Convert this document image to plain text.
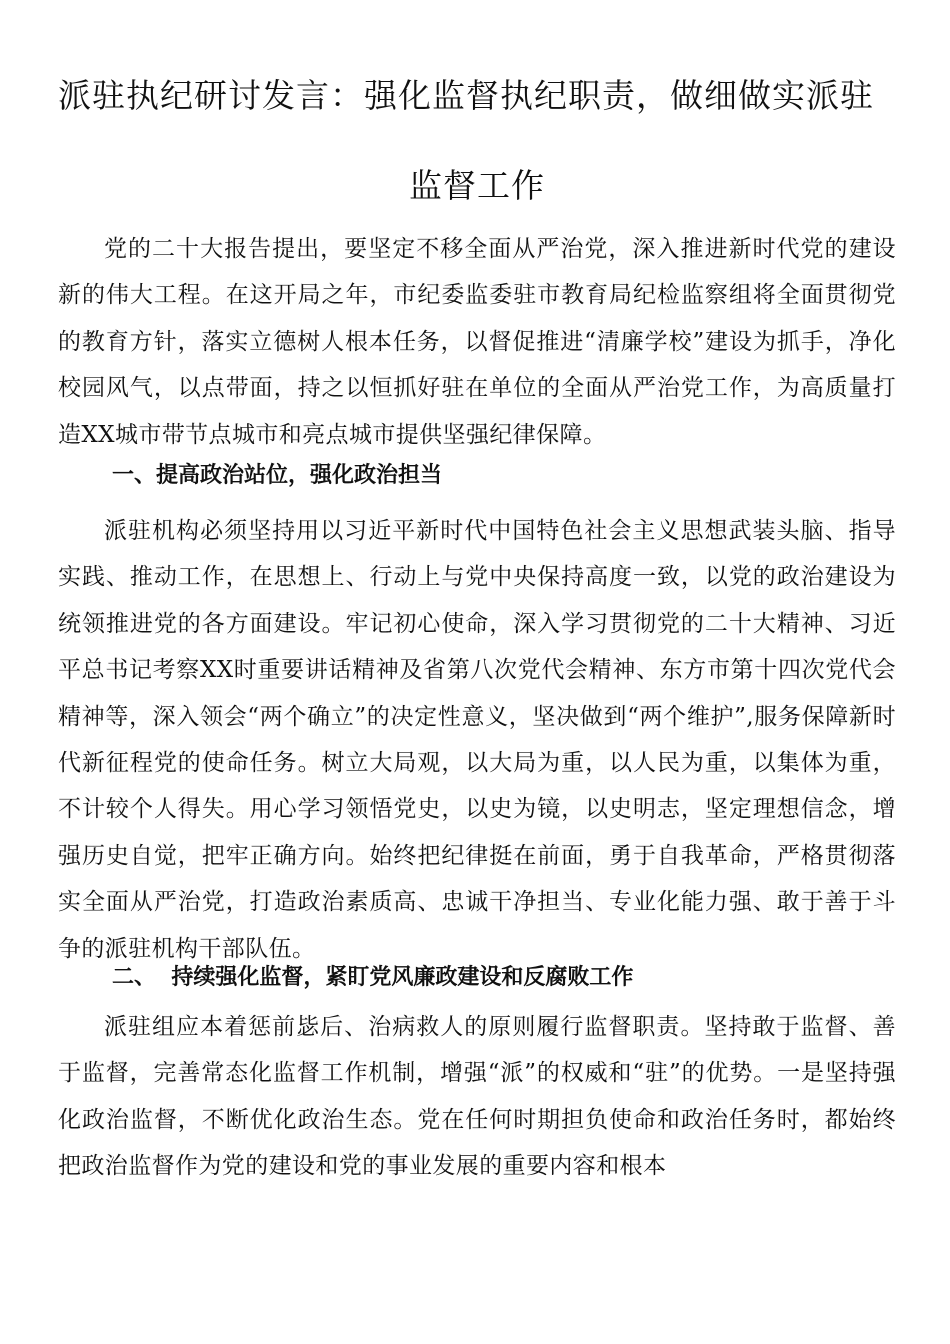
派驻执纪研讨发言：强化监督执纪职责，做细做实派驻
监督工作

党的二十大报告提出，要坚定不移全面从严治党，深入推进新时代党的建设新的伟大工程。在这开局之年，市纪委监委驻市教育局纪检监察组将全面贯彻党的教育方针，落实立德树人根本任务，以督促推进“清廉学校”建设为抓手，净化校园风气，以点带面，持之以恒抓好驻在单位的全面从严治党工作，为高质量打造XX城市带节点城市和亮点城市提供坚强纪律保障。

一、提高政治站位，强化政治担当

派驻机构必须坚持用以习近平新时代中国特色社会主义思想武装头脑、指导实践、推动工作，在思想上、行动上与党中央保持高度一致，以党的政治建设为统领推进党的各方面建设。牢记初心使命，深入学习贯彻党的二十大精神、习近平总书记考察XX时重要讲话精神及省第八次党代会精神、东方市第十四次党代会精神等，深入领会“两个确立”的决定性意义，坚决做到“两个维护”,服务保障新时代新征程党的使命任务。树立大局观，以大局为重，以人民为重，以集体为重，不计较个人得失。用心学习领悟党史，以史为镜，以史明志，坚定理想信念，增强历史自觉，把牢正确方向。始终把纪律挺在前面，勇于自我革命，严格贯彻落实全面从严治党，打造政治素质高、忠诚干净担当、专业化能力强、敢于善于斗争的派驻机构干部队伍。

二、  持续强化监督，紧盯党风廉政建设和反腐败工作

派驻组应本着惩前毖后、治病救人的原则履行监督职责。坚持敢于监督、善于监督，完善常态化监督工作机制，增强“派”的权威和“驻”的优势。一是坚持强化政治监督，不断优化政治生态。党在任何时期担负使命和政治任务时，都始终把政治监督作为党的建设和党的事业发展的重要内容和根本
